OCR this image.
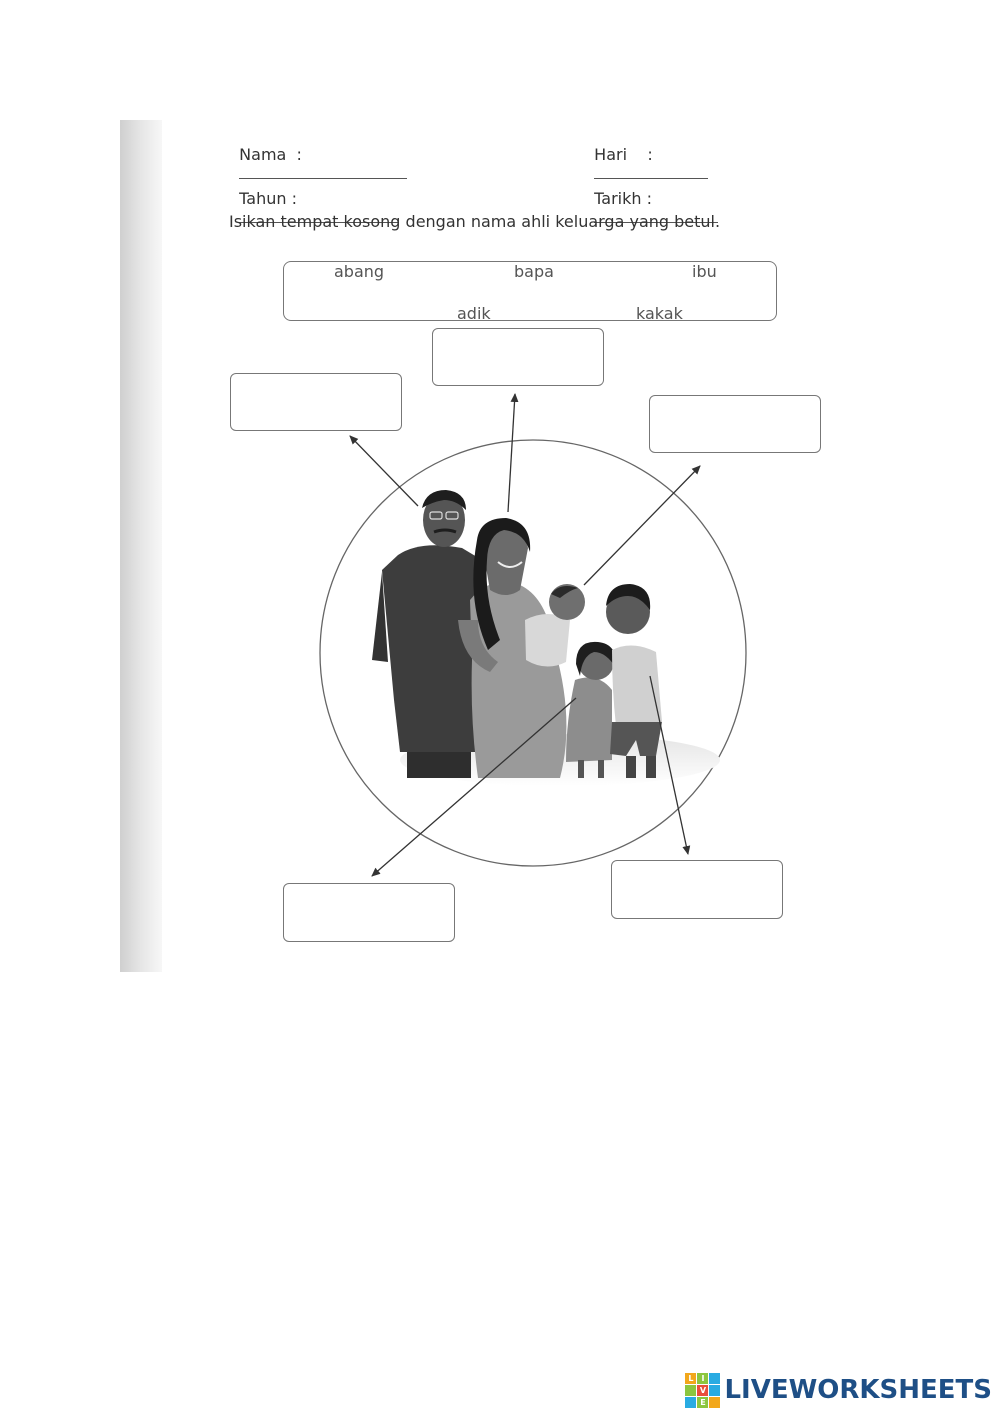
Nama  :
	Hari    :

Tahun :
	Tarikh :

Isikan tempat kosong dengan nama ahli keluarga yang betul.
abang	bapa	ibu
adik	kakak
L I
V
E LIVEWORKSHEETS
